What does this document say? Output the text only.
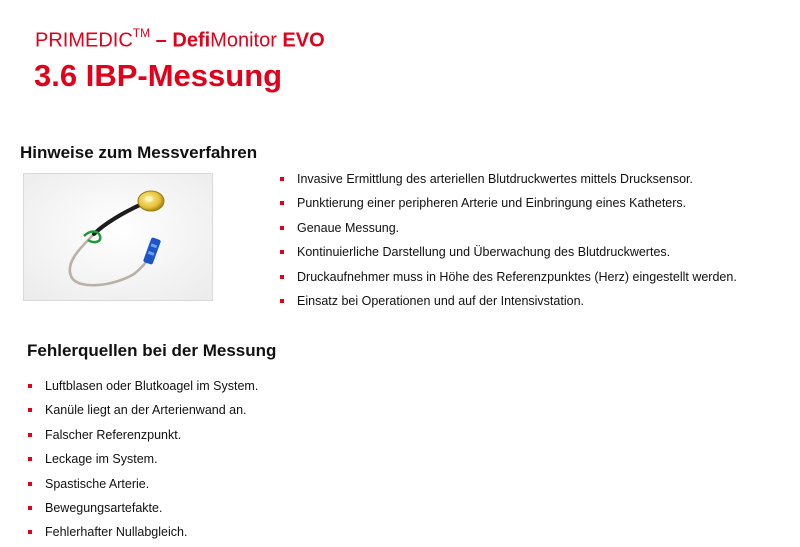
PRIMEDIC™ – DefiMonitor EVO
3.6 IBP-Messung
Hinweise zum Messverfahren
Invasive Ermittlung des arteriellen Blutdruckwertes mittels Drucksensor.
Punktierung einer peripheren Arterie und Einbringung eines Katheters.
Genaue Messung.
Kontinuierliche Darstellung und Überwachung des Blutdruckwertes.
Druckaufnehmer muss in Höhe des Referenzpunktes (Herz) eingestellt werden.
Einsatz bei Operationen und auf der Intensivstation.
Fehlerquellen bei der Messung
Luftblasen oder Blutkoagel im System.
Kanüle liegt an der Arterienwand an.
Falscher Referenzpunkt.
Leckage im System.
Spastische Arterie.
Bewegungsartefakte.
Fehlerhafter Nullabgleich.
